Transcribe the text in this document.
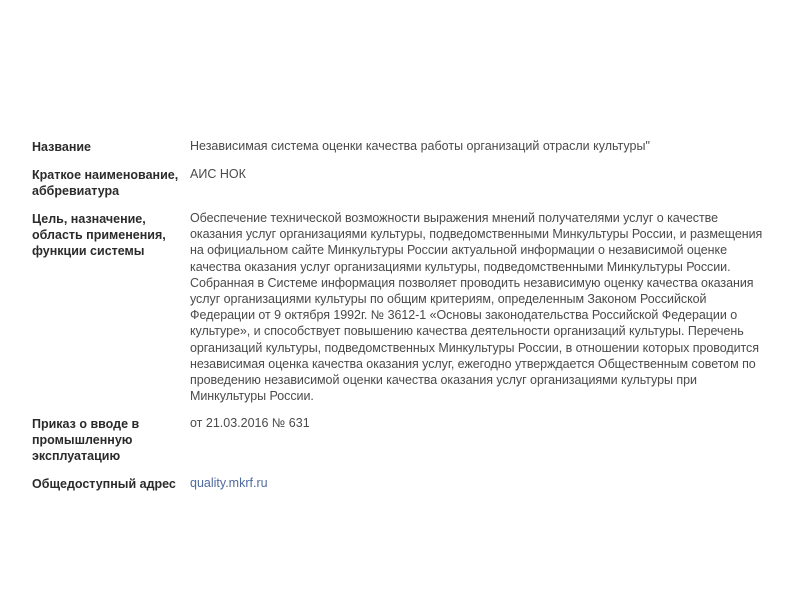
Название	Независимая система оценки качества работы организаций отрасли культуры"
Краткое наименование, аббревиатура
АИС НОК
Цель, назначение, область применения, функции системы
Обеспечение технической возможности выражения мнений получателями услуг о качестве оказания услуг организациями культуры, подведомственными Минкультуры России, и размещения на официальном сайте Минкультуры России актуальной информации о независимой оценке качества оказания услуг организациями культуры, подведомственными Минкультуры России. Собранная в Системе информация позволяет проводить независимую оценку качества оказания услуг организациями культуры по общим критериям, определенным Законом Российской Федерации от 9 октября 1992г. № 3612-1 «Основы законодательства Российской Федерации о культуре», и способствует повышению качества деятельности организаций культуры. Перечень организаций культуры, подведомственных Минкультуры России, в отношении которых проводится независимая оценка качества оказания услуг, ежегодно утверждается Общественным советом по проведению независимой оценки качества оказания услуг организациями культуры при Минкультуры России.
Приказ о вводе в промышленную эксплуатацию
от 21.03.2016 № 631
Общедоступный адрес	quality.mkrf.ru
